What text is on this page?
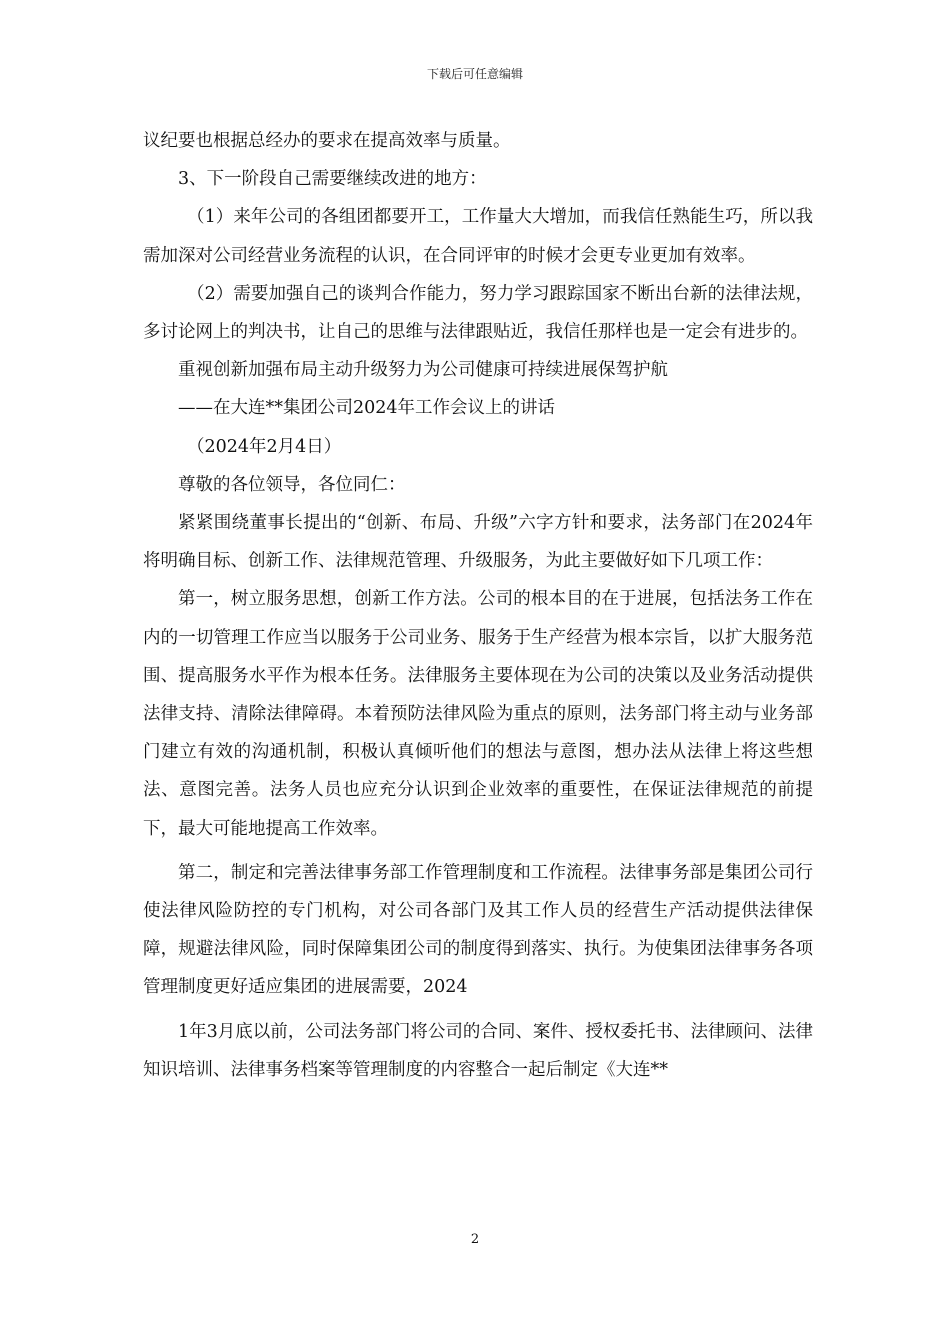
下载后可任意编辑

议纪要也根据总经办的要求在提高效率与质量。

3、下一阶段自己需要继续改进的地方：

（1）来年公司的各组团都要开工，工作量大大增加，而我信任熟能生巧，所以我需加深对公司经营业务流程的认识，在合同评审的时候才会更专业更加有效率。

（2）需要加强自己的谈判合作能力，努力学习跟踪国家不断出台新的法律法规，多讨论网上的判决书，让自己的思维与法律跟贴近，我信任那样也是一定会有进步的。

重视创新加强布局主动升级努力为公司健康可持续进展保驾护航

——在大连**集团公司2024年工作会议上的讲话

（2024年2月4日）

尊敬的各位领导，各位同仁：

紧紧围绕董事长提出的“创新、布局、升级”六字方针和要求，法务部门在2024年将明确目标、创新工作、法律规范管理、升级服务，为此主要做好如下几项工作：

第一，树立服务思想，创新工作方法。公司的根本目的在于进展，包括法务工作在内的一切管理工作应当以服务于公司业务、服务于生产经营为根本宗旨，以扩大服务范围、提高服务水平作为根本任务。法律服务主要体现在为公司的决策以及业务活动提供法律支持、清除法律障碍。本着预防法律风险为重点的原则，法务部门将主动与业务部门建立有效的沟通机制，积极认真倾听他们的想法与意图，想办法从法律上将这些想法、意图完善。法务人员也应充分认识到企业效率的重要性，在保证法律规范的前提下，最大可能地提高工作效率。

第二，制定和完善法律事务部工作管理制度和工作流程。法律事务部是集团公司行使法律风险防控的专门机构，对公司各部门及其工作人员的经营生产活动提供法律保障，规避法律风险，同时保障集团公司的制度得到落实、执行。为使集团法律事务各项管理制度更好适应集团的进展需要，2024

1年3月底以前，公司法务部门将公司的合同、案件、授权委托书、法律顾问、法律知识培训、法律事务档案等管理制度的内容整合一起后制定《大连**

2
